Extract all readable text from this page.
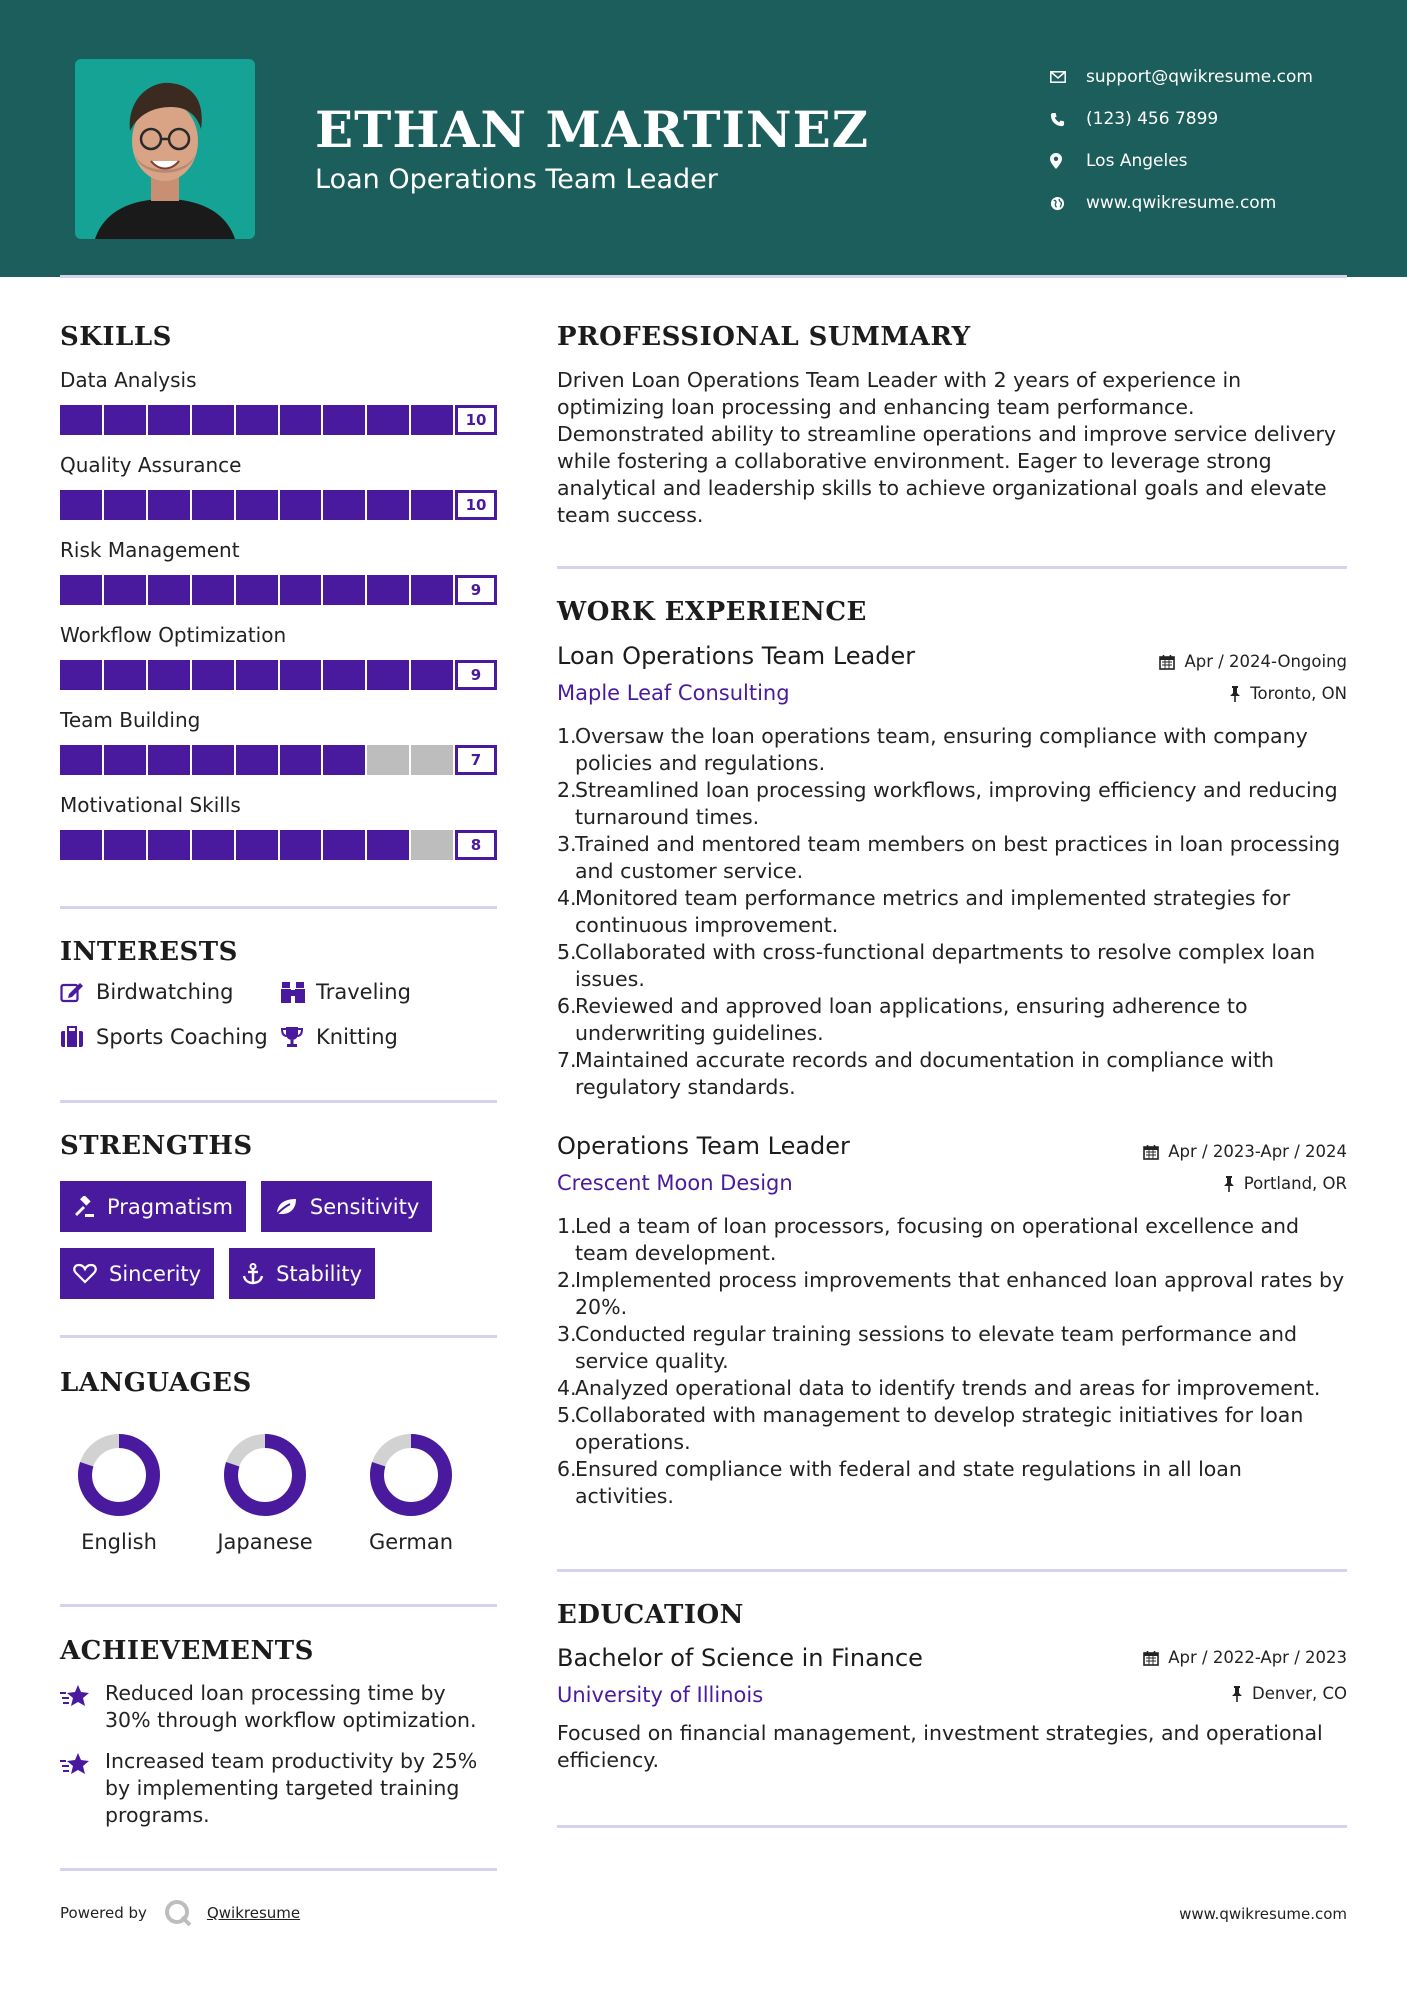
ETHAN MARTINEZ
Loan Operations Team Leader
support@qwikresume.com
(123) 456 7899
Los Angeles
www.qwikresume.com
SKILLS
Data Analysis
10
Quality Assurance
10
Risk Management
9
Workflow Optimization
9
Team Building
7
Motivational Skills
8
INTERESTS
Birdwatching	Traveling
Sports Coaching Knitting
STRENGTHS
Pragmatism	Sensitivity
Sincerity	Stability
LANGUAGES
English	Japanese	German
ACHIEVEMENTS
Reduced loan processing time by 30% through workflow optimization.
Increased team productivity by 25% by implementing targeted training programs.
Powered by	Qwikresume	www.qwikresume.com
PROFESSIONAL SUMMARY
Driven Loan Operations Team Leader with 2 years of experience in optimizing loan processing and enhancing team performance. Demonstrated ability to streamline operations and improve service delivery while fostering a collaborative environment. Eager to leverage strong analytical and leadership skills to achieve organizational goals and elevate team success.
WORK EXPERIENCE
Loan Operations Team Leader	Apr / 2024-Ongoing
Maple Leaf Consulting	Toronto, ON
1.
Oversaw the loan operations team, ensuring compliance with company policies and regulations.
2.
Streamlined loan processing workflows, improving efficiency and reducing turnaround times.
3.
Trained and mentored team members on best practices in loan processing and customer service.
4.
Monitored team performance metrics and implemented strategies for continuous improvement.
5.
Collaborated with cross-functional departments to resolve complex loan issues.
6.
Reviewed and approved loan applications, ensuring adherence to underwriting guidelines.
7.
Maintained accurate records and documentation in compliance with regulatory standards.
Operations Team Leader	Apr / 2023-Apr / 2024
Crescent Moon Design	Portland, OR
1.
Led a team of loan processors, focusing on operational excellence and team development.
2.
Implemented process improvements that enhanced loan approval rates by 20%.
3.
Conducted regular training sessions to elevate team performance and service quality.
4.
Analyzed operational data to identify trends and areas for improvement.
5.
Collaborated with management to develop strategic initiatives for loan operations.
6.
Ensured compliance with federal and state regulations in all loan activities.
EDUCATION
Bachelor of Science in Finance	Apr / 2022-Apr / 2023
University of Illinois	Denver, CO
Focused on financial management, investment strategies, and operational efficiency.
